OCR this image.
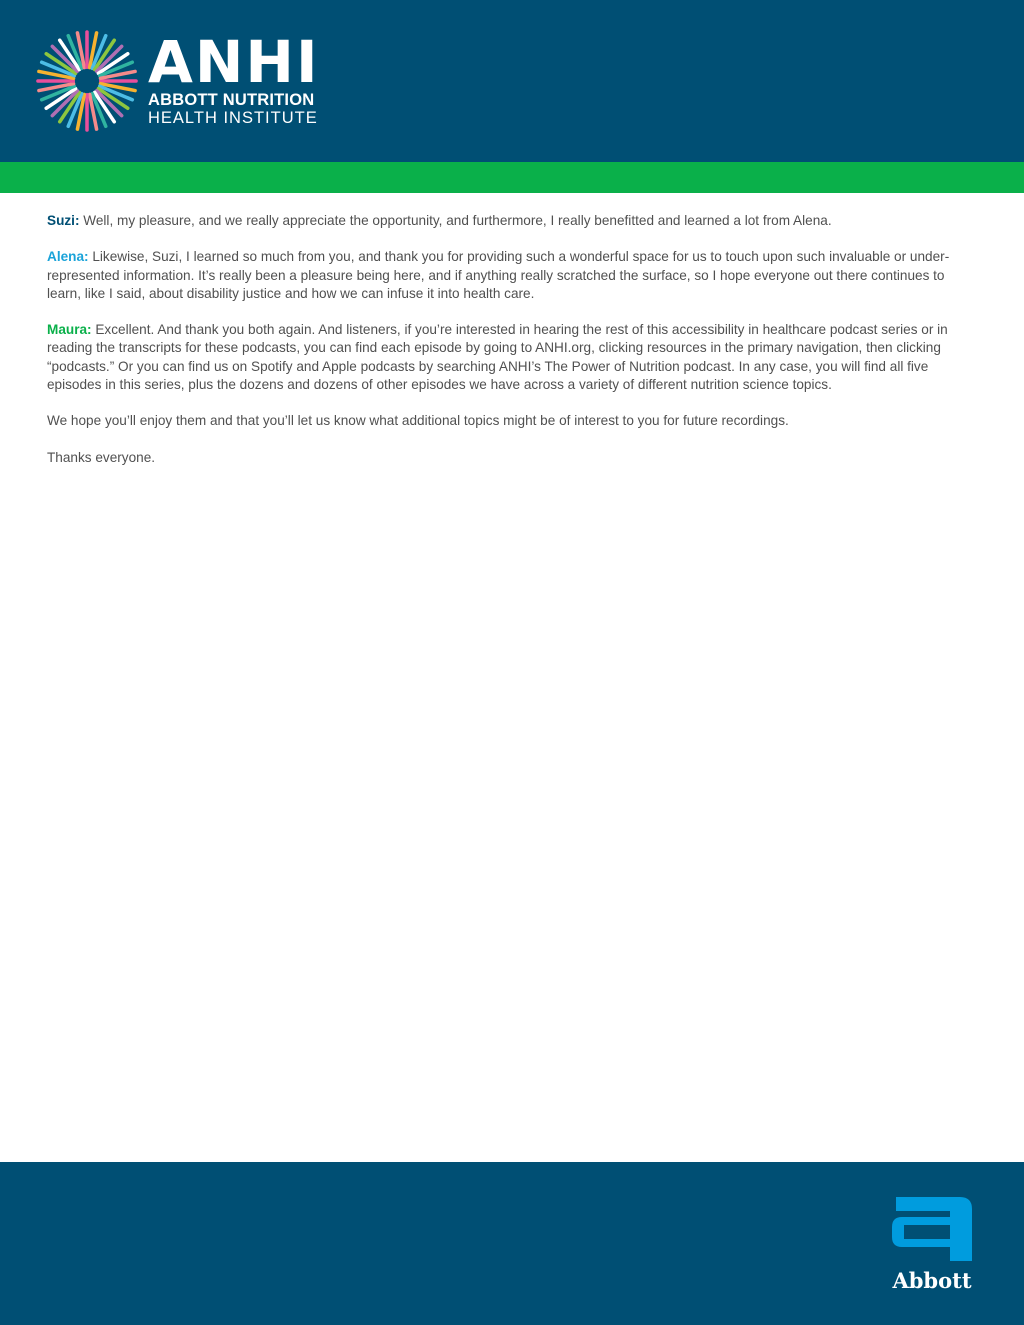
ANHI
ABBOTT NUTRITION
HEALTH INSTITUTE

Suzi: Well, my pleasure, and we really appreciate the opportunity, and furthermore, I really benefitted and learned a lot from Alena.

Alena: Likewise, Suzi, I learned so much from you, and thank you for providing such a wonderful space for us to touch upon such invaluable or under-represented information. It’s really been a pleasure being here, and if anything really scratched the surface, so I hope everyone out there continues to learn, like I said, about disability justice and how we can infuse it into health care.

Maura: Excellent. And thank you both again. And listeners, if you’re interested in hearing the rest of this accessibility in healthcare podcast series or in reading the transcripts for these podcasts, you can find each episode by going to ANHI.org, clicking resources in the primary navigation, then clicking “podcasts.” Or you can find us on Spotify and Apple podcasts by searching ANHI’s The Power of Nutrition podcast. In any case, you will find all five episodes in this series, plus the dozens and dozens of other episodes we have across a variety of different nutrition science topics.

We hope you’ll enjoy them and that you’ll let us know what additional topics might be of interest to you for future recordings.

Thanks everyone.

Abbott
